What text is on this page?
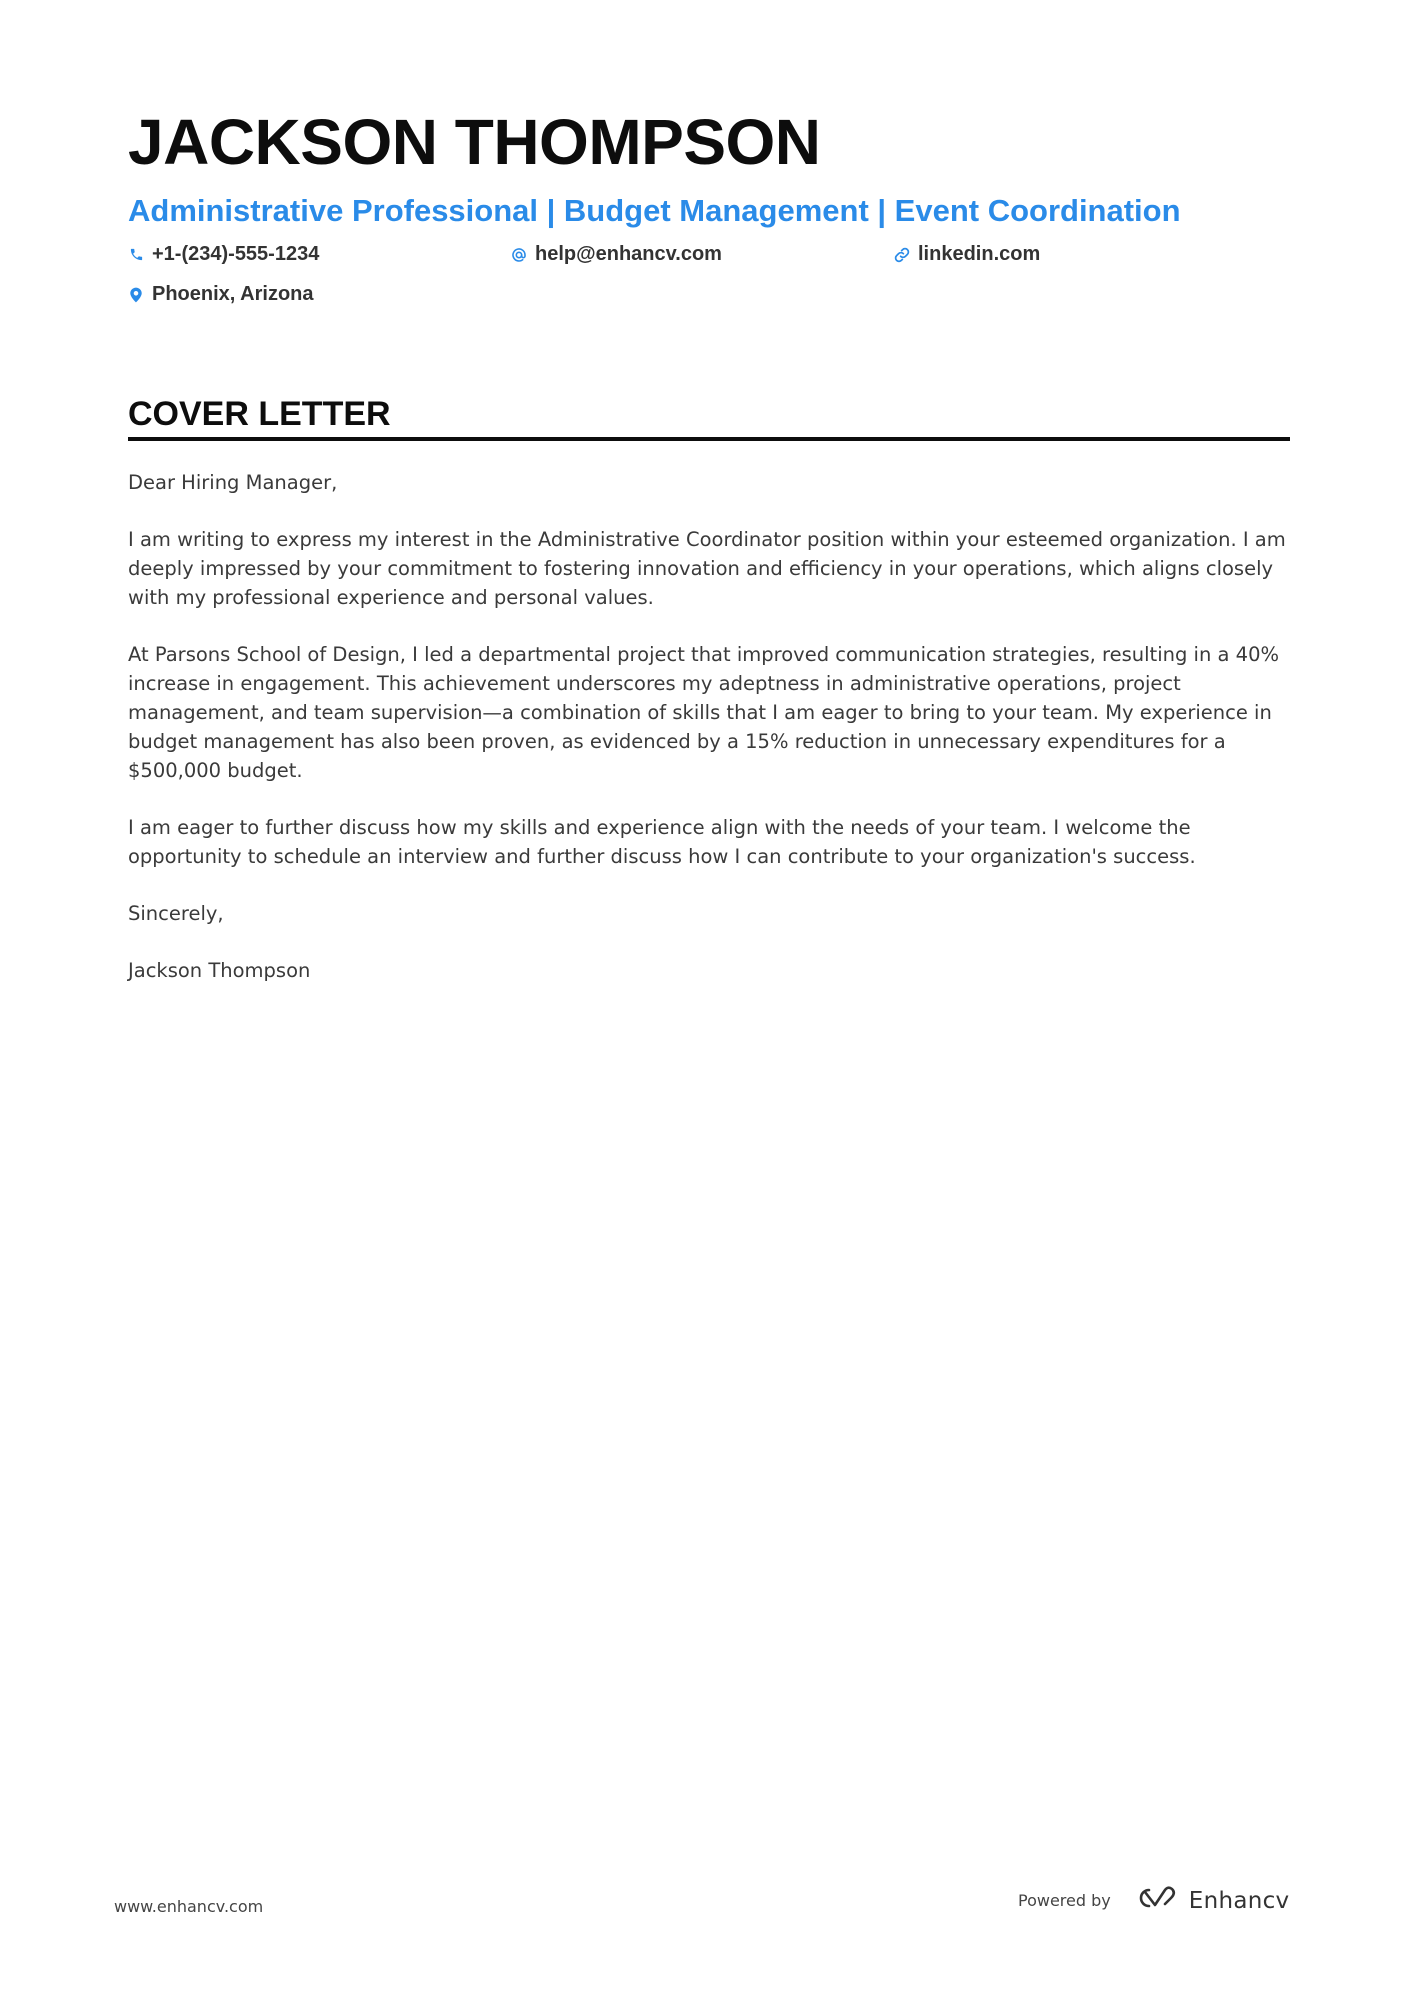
JACKSON THOMPSON
Administrative Professional | Budget Management | Event Coordination
+1-(234)-555-1234	help@enhancv.com	linkedin.com
Phoenix, Arizona
COVER LETTER

Dear Hiring Manager,

I am writing to express my interest in the Administrative Coordinator position within your esteemed organization. I am deeply impressed by your commitment to fostering innovation and efficiency in your operations, which aligns closely with my professional experience and personal values.

At Parsons School of Design, I led a departmental project that improved communication strategies, resulting in a 40% increase in engagement. This achievement underscores my adeptness in administrative operations, project management, and team supervision—a combination of skills that I am eager to bring to your team. My experience in budget management has also been proven, as evidenced by a 15% reduction in unnecessary expenditures for a $500,000 budget.

I am eager to further discuss how my skills and experience align with the needs of your team. I welcome the opportunity to schedule an interview and further discuss how I can contribute to your organization's success.

Sincerely,

Jackson Thompson

www.enhancv.com	Powered by	Enhancv
